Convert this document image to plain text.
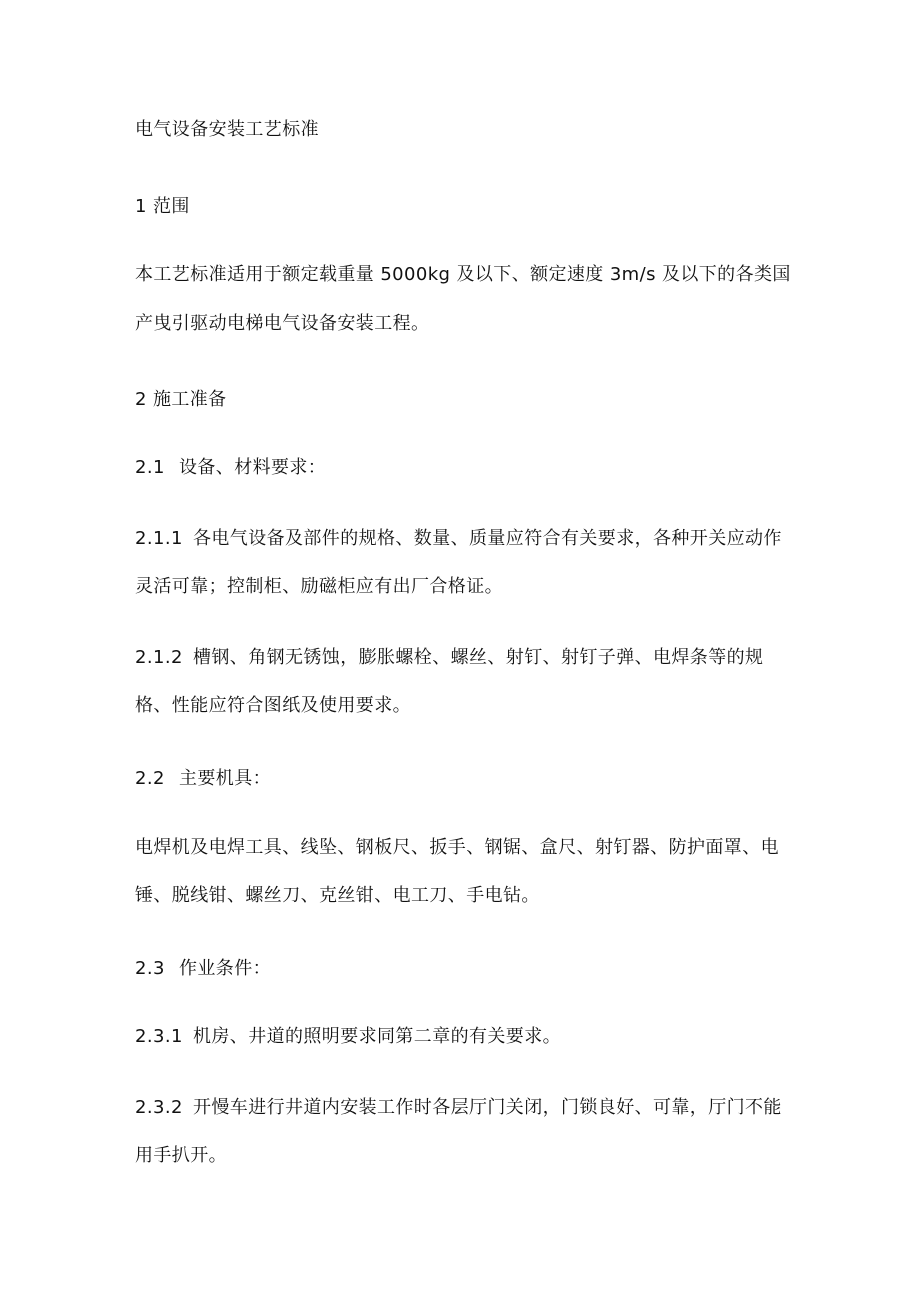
电气设备安装工艺标准
1 范围
本工艺标准适用于额定载重量 5000kg 及以下、额定速度 3m/s 及以下的各类国
产曳引驱动电梯电气设备安装工程。
2 施工准备
2.1 设备、材料要求：
2.1.1 各电气设备及部件的规格、数量、质量应符合有关要求，各种开关应动作
灵活可靠；控制柜、励磁柜应有出厂合格证。
2.1.2 槽钢、角钢无锈蚀，膨胀螺栓、螺丝、射钉、射钉子弹、电焊条等的规
格、性能应符合图纸及使用要求。
2.2 主要机具：
电焊机及电焊工具、线坠、钢板尺、扳手、钢锯、盒尺、射钉器、防护面罩、电
锤、脱线钳、螺丝刀、克丝钳、电工刀、手电钻。
2.3 作业条件：
2.3.1 机房、井道的照明要求同第二章的有关要求。
2.3.2 开慢车进行井道内安装工作时各层厅门关闭，门锁良好、可靠，厅门不能
用手扒开。
